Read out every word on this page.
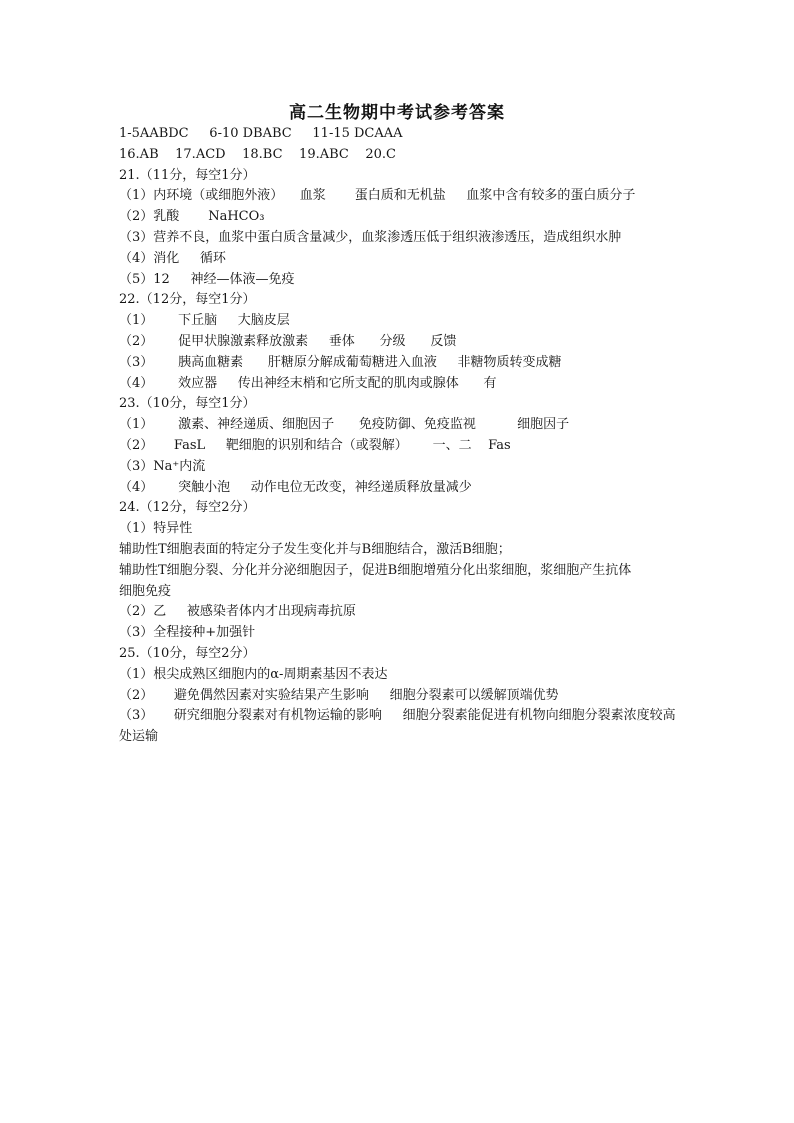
高二生物期中考试参考答案
1-5AABDC     6-10 DBABC     11-15 DCAAA
16.AB    17.ACD    18.BC    19.ABC    20.C
21.（11分，每空1分）
（1）内环境（或细胞外液）    血浆       蛋白质和无机盐     血浆中含有较多的蛋白质分子
（2）乳酸       NaHCO₃
（3）营养不良，血浆中蛋白质含量减少，血浆渗透压低于组织液渗透压，造成组织水肿
（4）消化     循环
（5）12     神经—体液—免疫
22.（12分，每空1分）
（1）      下丘脑     大脑皮层
（2）      促甲状腺激素释放激素     垂体      分级      反馈
（3）      胰高血糖素      肝糖原分解成葡萄糖进入血液     非糖物质转变成糖
（4）      效应器     传出神经末梢和它所支配的肌肉或腺体      有
23.（10分，每空1分）
（1）      激素、神经递质、细胞因子      免疫防御、免疫监视          细胞因子
（2）     FasL     靶细胞的识别和结合（或裂解）      一、二    Fas
（3）Na⁺内流
（4）      突触小泡     动作电位无改变，神经递质释放量减少
24.（12分，每空2分）
（1）特异性
辅助性T细胞表面的特定分子发生变化并与B细胞结合，激活B细胞；
辅助性T细胞分裂、分化并分泌细胞因子，促进B细胞增殖分化出浆细胞，浆细胞产生抗体
细胞免疫
（2）乙     被感染者体内才出现病毒抗原
（3）全程接种+加强针
25.（10分，每空2分）
（1）根尖成熟区细胞内的α-周期素基因不表达
（2）     避免偶然因素对实验结果产生影响     细胞分裂素可以缓解顶端优势
（3）     研究细胞分裂素对有机物运输的影响     细胞分裂素能促进有机物向细胞分裂素浓度较高处运输
